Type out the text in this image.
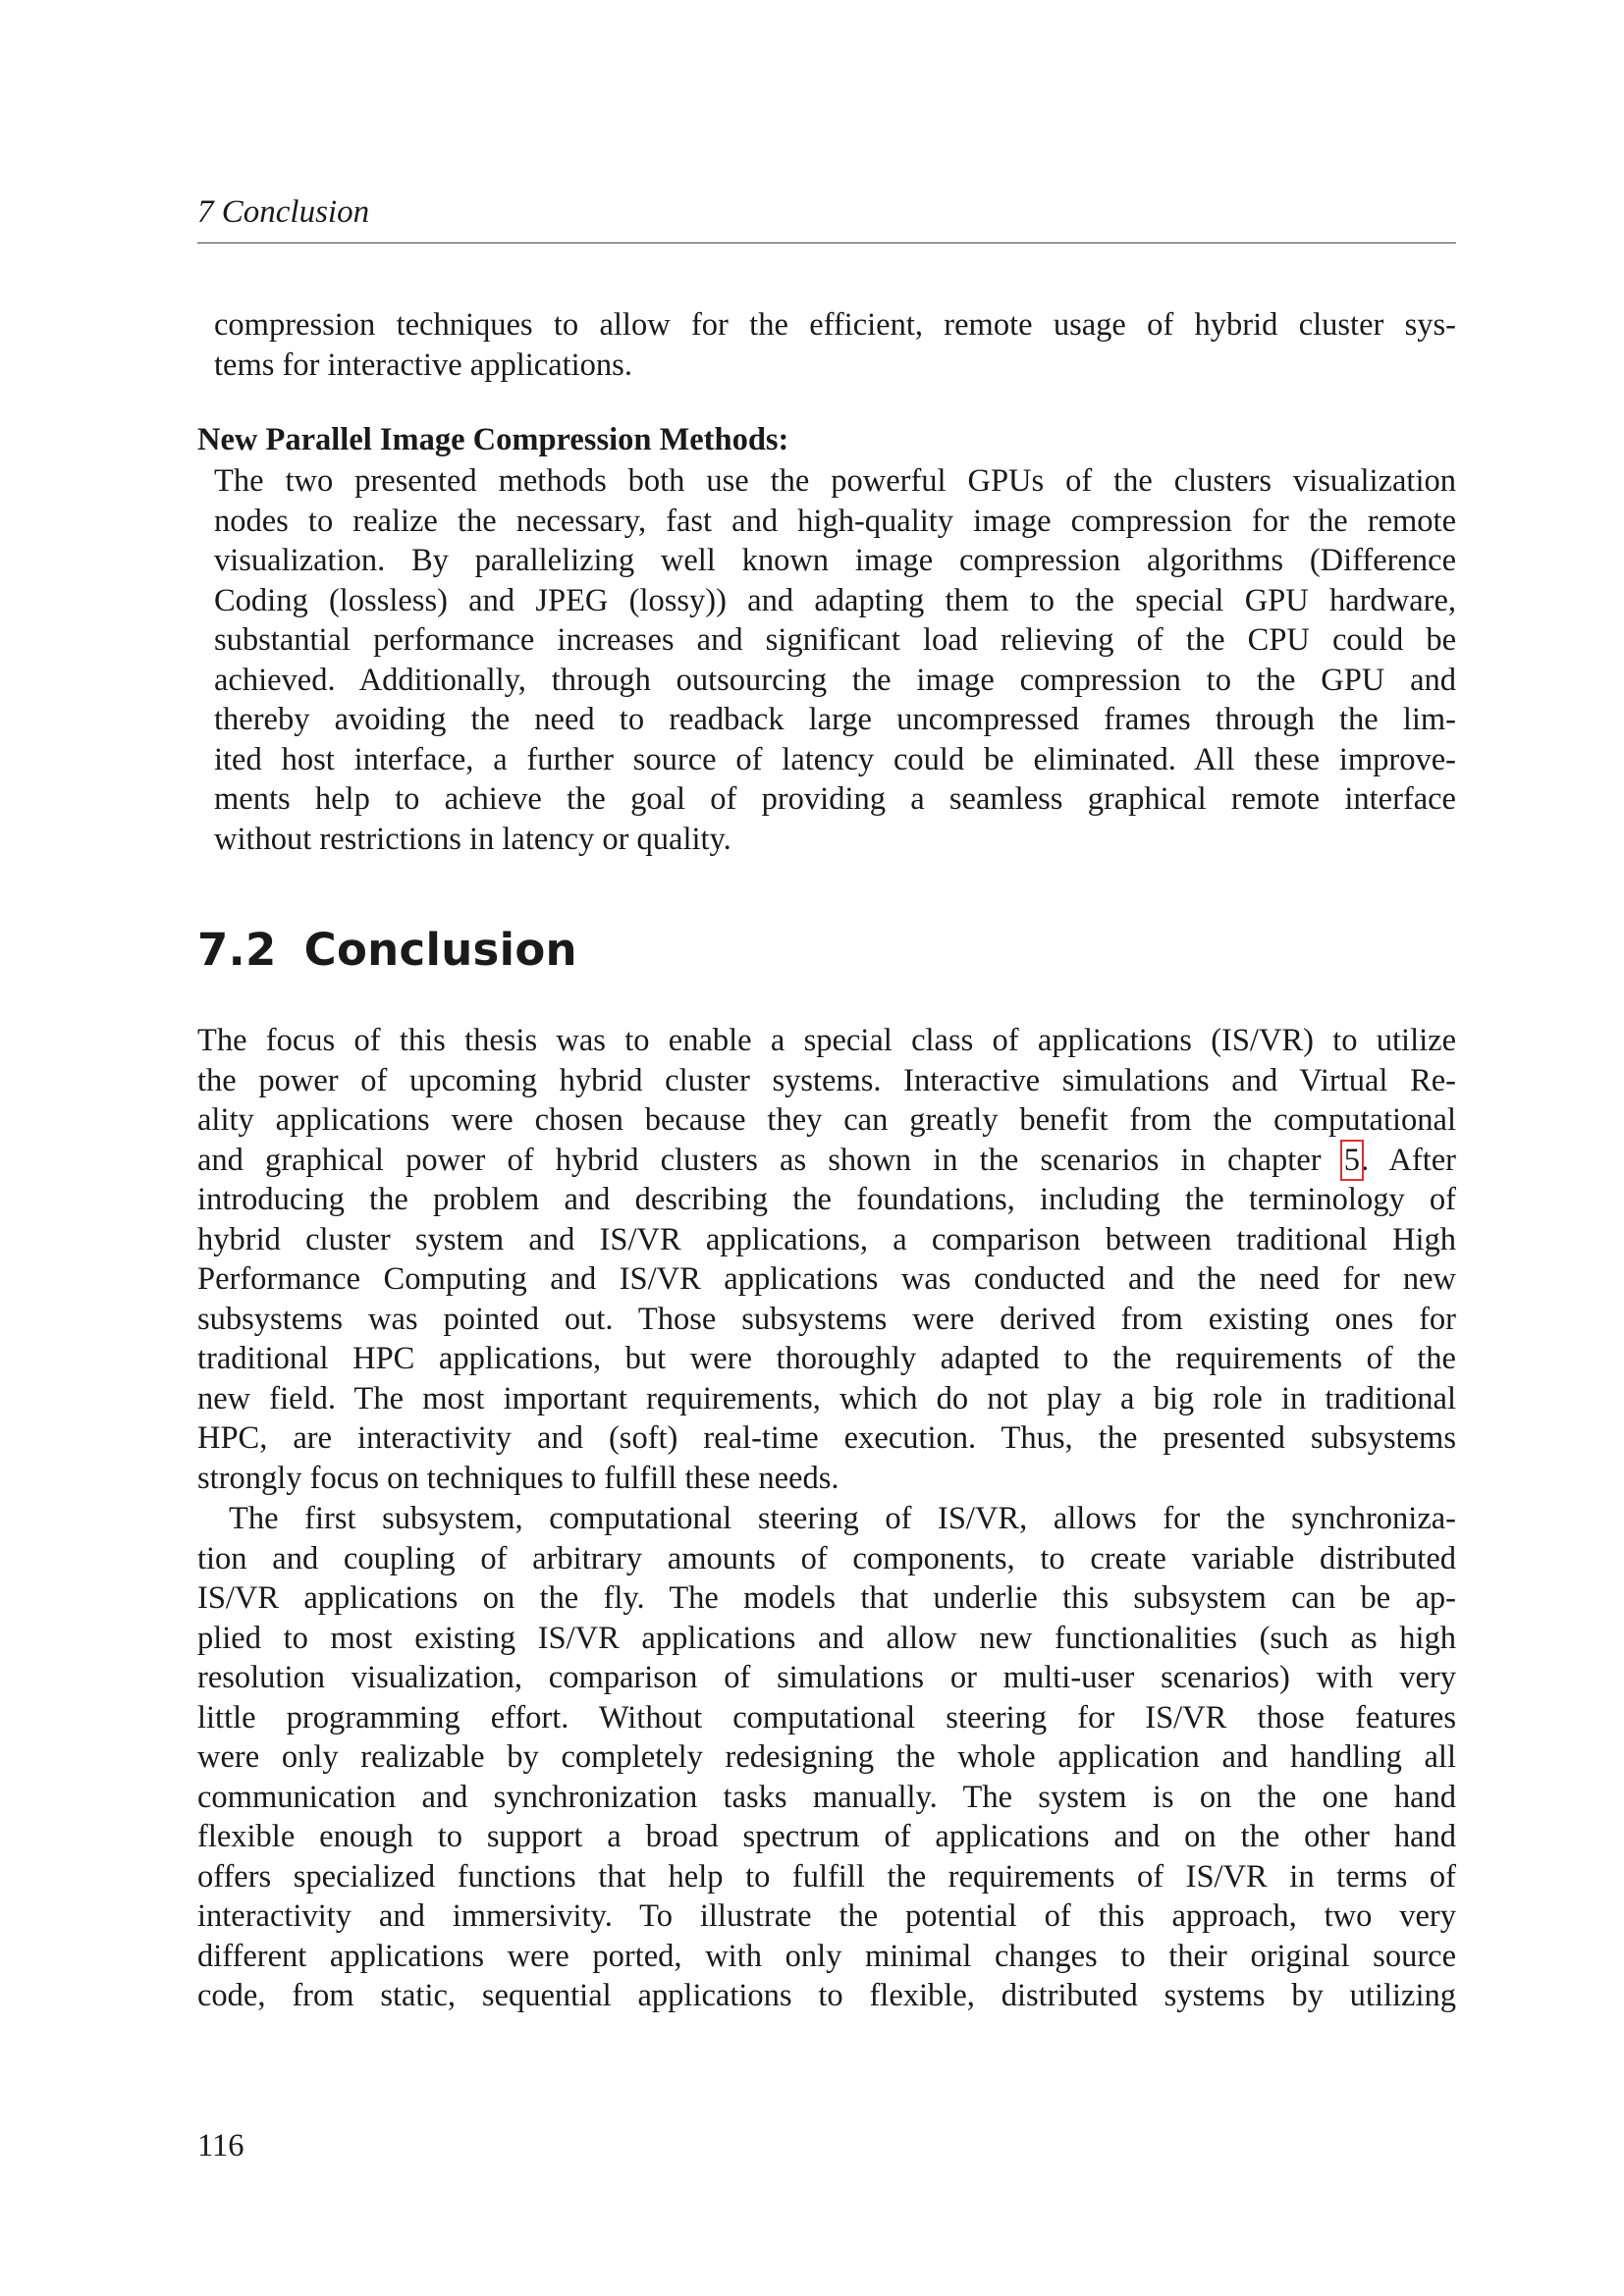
7 Conclusion
compression techniques to allow for the efficient, remote usage of hybrid cluster sys-
tems for interactive applications.
New Parallel Image Compression Methods:
The two presented methods both use the powerful GPUs of the clusters visualization
nodes to realize the necessary, fast and high-quality image compression for the remote
visualization. By parallelizing well known image compression algorithms (Difference
Coding (lossless) and JPEG (lossy)) and adapting them to the special GPU hardware,
substantial performance increases and significant load relieving of the CPU could be
achieved. Additionally, through outsourcing the image compression to the GPU and
thereby avoiding the need to readback large uncompressed frames through the lim-
ited host interface, a further source of latency could be eliminated. All these improve-
ments help to achieve the goal of providing a seamless graphical remote interface
without restrictions in latency or quality.
7.2 Conclusion
The focus of this thesis was to enable a special class of applications (IS/VR) to utilize
the power of upcoming hybrid cluster systems. Interactive simulations and Virtual Re-
ality applications were chosen because they can greatly benefit from the computational
and graphical power of hybrid clusters as shown in the scenarios in chapter 5. After
introducing the problem and describing the foundations, including the terminology of
hybrid cluster system and IS/VR applications, a comparison between traditional High
Performance Computing and IS/VR applications was conducted and the need for new
subsystems was pointed out. Those subsystems were derived from existing ones for
traditional HPC applications, but were thoroughly adapted to the requirements of the
new field. The most important requirements, which do not play a big role in traditional
HPC, are interactivity and (soft) real-time execution. Thus, the presented subsystems
strongly focus on techniques to fulfill these needs.
The first subsystem, computational steering of IS/VR, allows for the synchroniza-
tion and coupling of arbitrary amounts of components, to create variable distributed
IS/VR applications on the fly. The models that underlie this subsystem can be ap-
plied to most existing IS/VR applications and allow new functionalities (such as high
resolution visualization, comparison of simulations or multi-user scenarios) with very
little programming effort. Without computational steering for IS/VR those features
were only realizable by completely redesigning the whole application and handling all
communication and synchronization tasks manually. The system is on the one hand
flexible enough to support a broad spectrum of applications and on the other hand
offers specialized functions that help to fulfill the requirements of IS/VR in terms of
interactivity and immersivity. To illustrate the potential of this approach, two very
different applications were ported, with only minimal changes to their original source
code, from static, sequential applications to flexible, distributed systems by utilizing
116
